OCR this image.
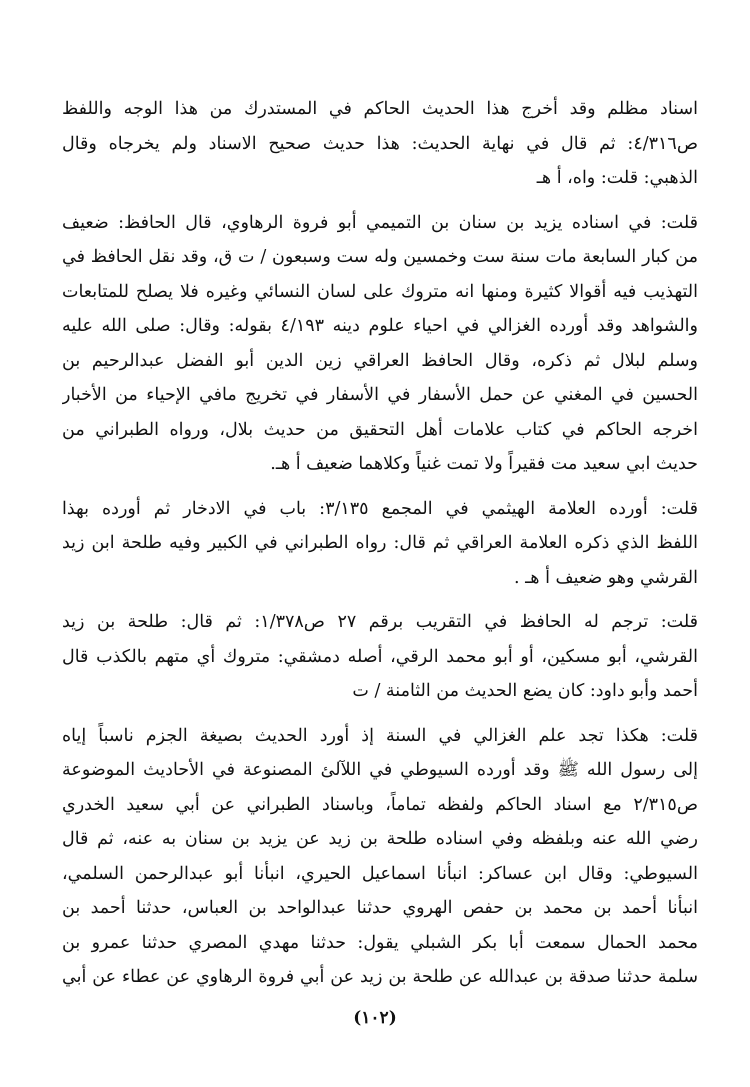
اسناد مظلم وقد أخرج هذا الحديث الحاكم في المستدرك من هذا الوجه واللفظ
ص٤/٣١٦: ثم قال في نهاية الحديث: هذا حديث صحيح الاسناد ولم يخرجاه وقال
الذهبي: قلت: واه، أ هـ
قلت: في اسناده يزيد بن سنان بن التميمي أبو فروة الرهاوي، قال الحافظ: ضعيف
من كبار السابعة مات سنة ست وخمسين وله ست وسبعون / ت ق، وقد نقل الحافظ في
التهذيب فيه أقوالا كثيرة ومنها انه متروك على لسان النسائي وغيره فلا يصلح للمتابعات
والشواهد وقد أورده الغزالي في احياء علوم دينه ٤/١٩٣ بقوله: وقال: صلى الله عليه
وسلم لبلال ثم ذكره، وقال الحافظ العراقي زين الدين أبو الفضل عبدالرحيم بن
الحسين في المغني عن حمل الأسفار في الأسفار في تخريج مافي الإحياء من الأخبار
اخرجه الحاكم في كتاب علامات أهل التحقيق من حديث بلال، ورواه الطبراني من
حديث ابي سعيد مت فقيراً ولا تمت غنياً وكلاهما ضعيف أ هـ.
قلت: أورده العلامة الهيثمي في المجمع ٣/١٣٥: باب في الادخار ثم أورده بهذا
اللفظ الذي ذكره العلامة العراقي ثم قال: رواه الطبراني في الكبير وفيه طلحة ابن زيد
القرشي وهو ضعيف أ هـ .
قلت: ترجم له الحافظ في التقريب برقم ٢٧ ص١/٣٧٨: ثم قال: طلحة بن زيد
القرشي، أبو مسكين، أو أبو محمد الرقي، أصله دمشقي: متروك أي متهم بالكذب قال
أحمد وأبو داود: كان يضع الحديث من الثامنة / ت
قلت: هكذا تجد علم الغزالي في السنة إذ أورد الحديث بصيغة الجزم ناسباً إياه
إلى رسول الله ﷺ وقد أورده السيوطي في اللآلئ المصنوعة في الأحاديث الموضوعة
ص٢/٣١٥ مع اسناد الحاكم ولفظه تماماً، وباسناد الطبراني عن أبي سعيد الخدري
رضي الله عنه وبلفظه وفي اسناده طلحة بن زيد عن يزيد بن سنان به عنه، ثم قال
السيوطي: وقال ابن عساكر: انبأنا اسماعيل الحيري، انبأنا أبو عبدالرحمن السلمي،
انبأنا أحمد بن محمد بن حفص الهروي حدثنا عبدالواحد بن العباس، حدثنا أحمد بن
محمد الحمال سمعت أبا بكر الشبلي يقول: حدثنا مهدي المصري حدثنا عمرو بن
سلمة حدثنا صدقة بن عبدالله عن طلحة بن زيد عن أبي فروة الرهاوي عن عطاء عن أبي
(١٠٢)
